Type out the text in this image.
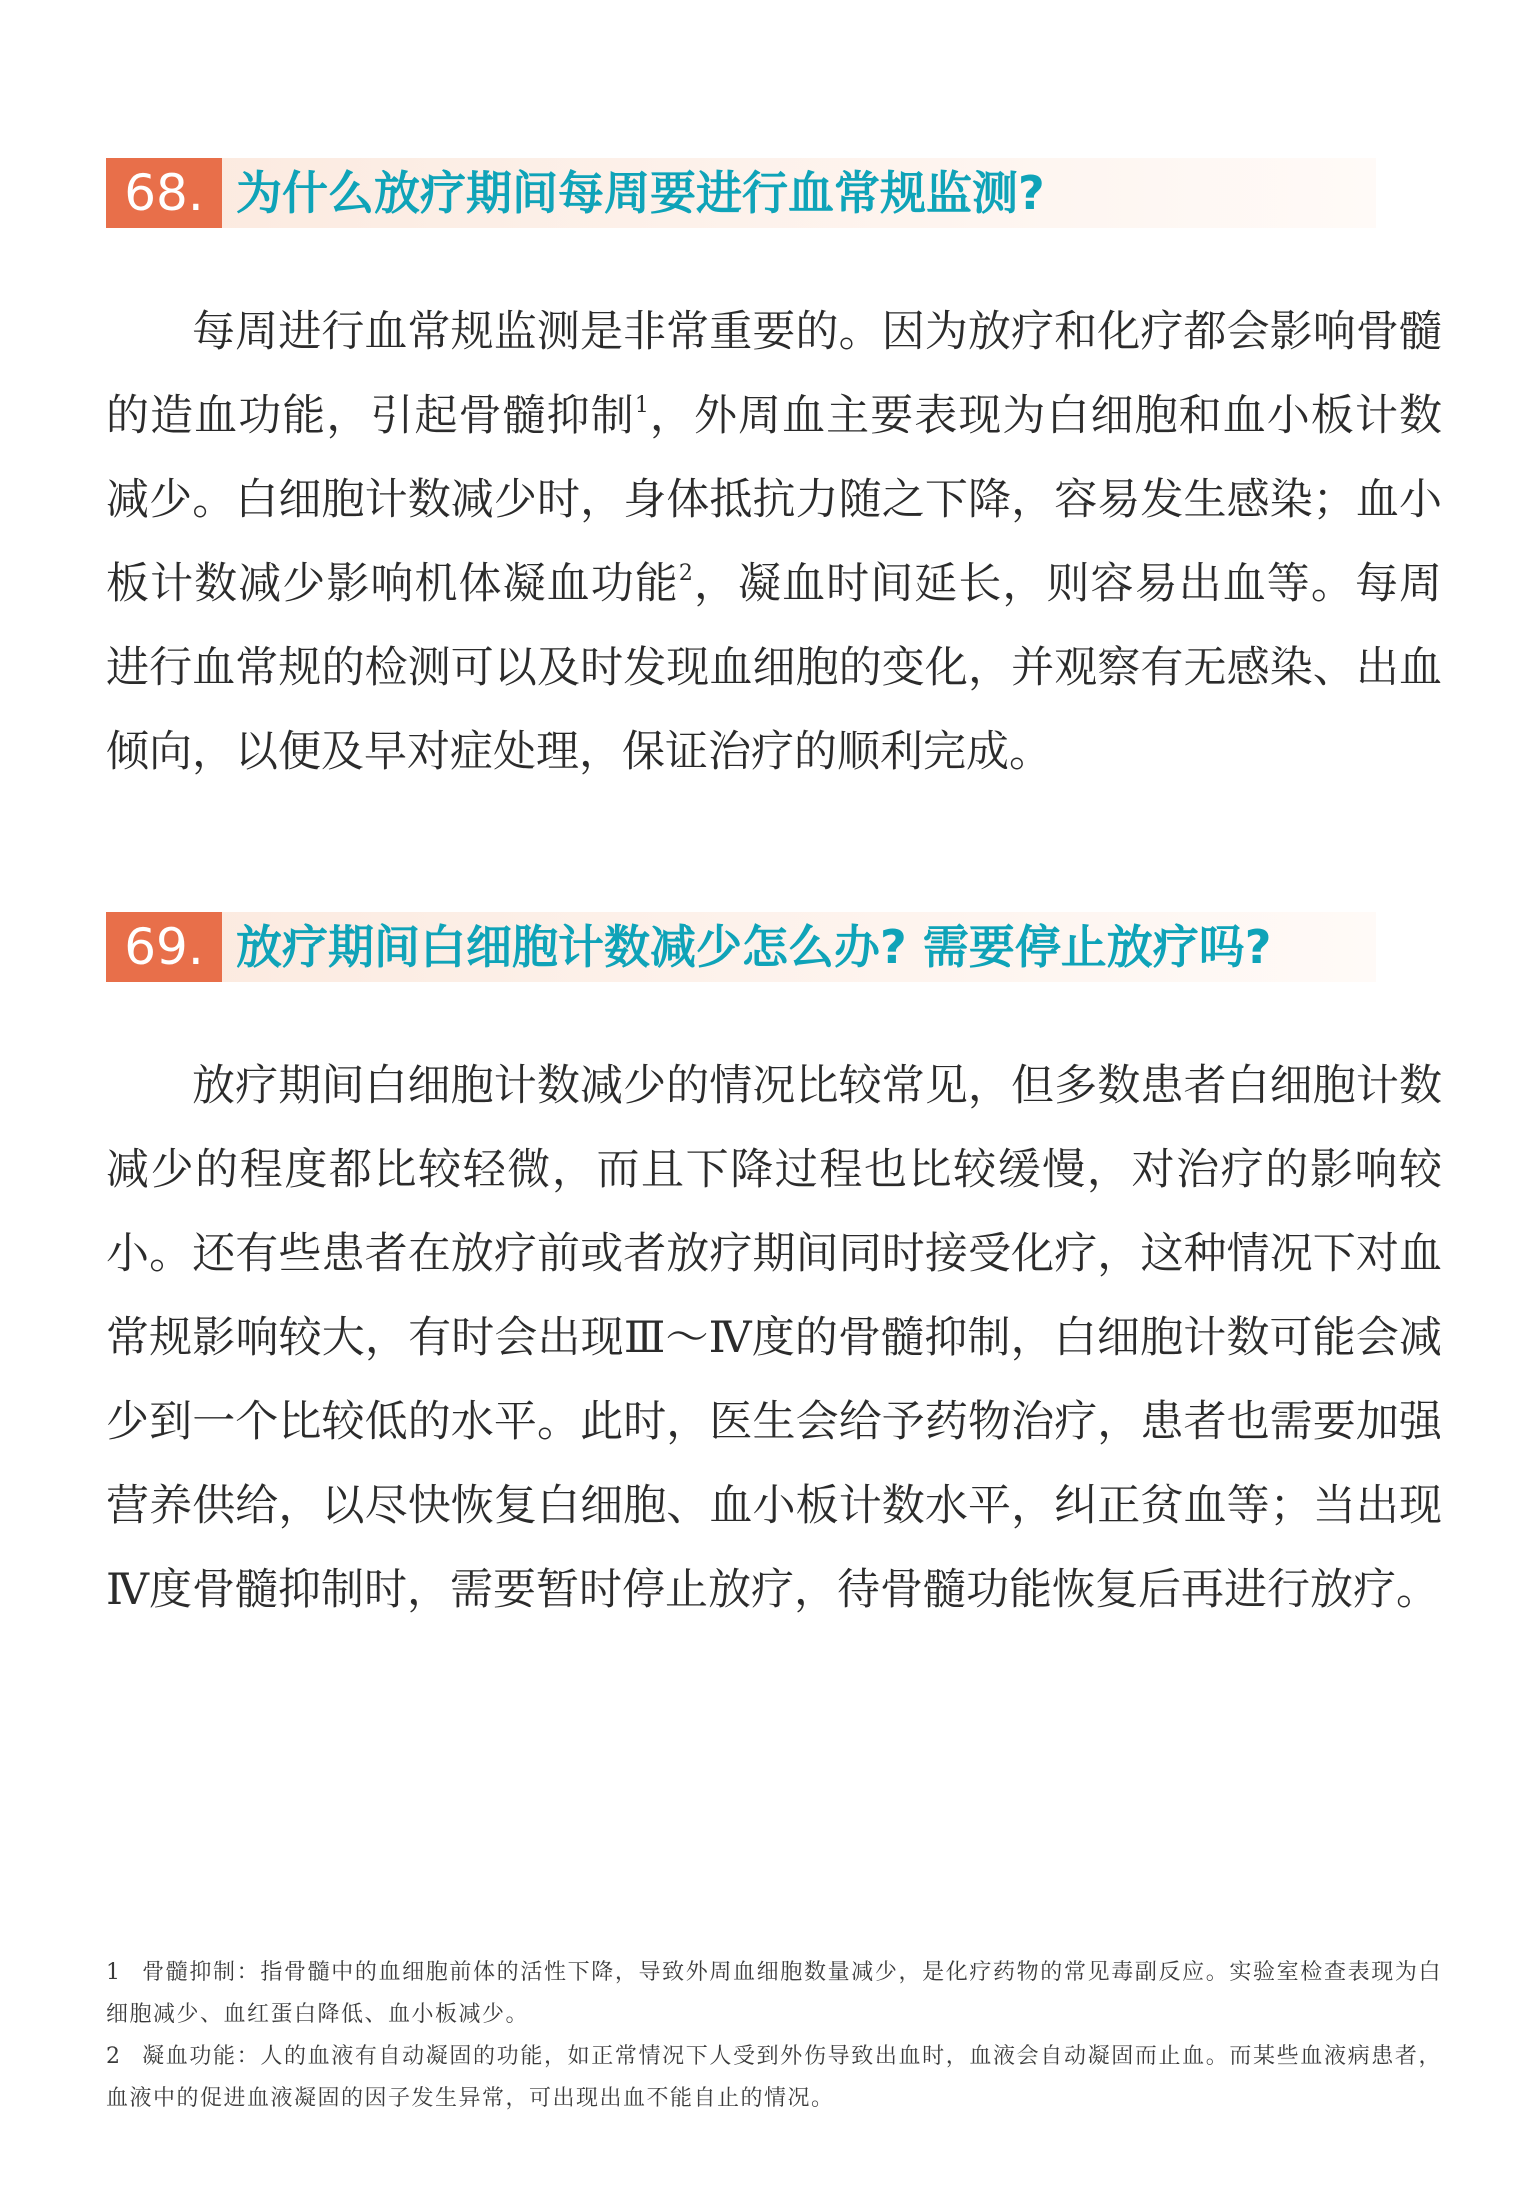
68. 为什么放疗期间每周要进行血常规监测?

每周进行血常规监测是非常重要的。因为放疗和化疗都会影响骨髓的造血功能，引起骨髓抑制$^1$，外周血主要表现为白细胞和血小板计数减少。白细胞计数减少时，身体抵抗力随之下降，容易发生感染；血小板计数减少影响机体凝血功能$^2$，凝血时间延长，则容易出血等。每周进行血常规的检测可以及时发现血细胞的变化，并观察有无感染、出血倾向，以便及早对症处理，保证治疗的顺利完成。

69. 放疗期间白细胞计数减少怎么办? 需要停止放疗吗?

放疗期间白细胞计数减少的情况比较常见，但多数患者白细胞计数减少的程度都比较轻微，而且下降过程也比较缓慢，对治疗的影响较小。还有些患者在放疗前或者放疗期间同时接受化疗，这种情况下对血常规影响较大，有时会出现Ⅲ～Ⅳ度的骨髓抑制，白细胞计数可能会减少到一个比较低的水平。此时，医生会给予药物治疗，患者也需要加强营养供给，以尽快恢复白细胞、血小板计数水平，纠正贫血等；当出现Ⅳ度骨髓抑制时，需要暂时停止放疗，待骨髓功能恢复后再进行放疗。

1 骨髓抑制：指骨髓中的血细胞前体的活性下降，导致外周血细胞数量减少，是化疗药物的常见毒副反应。实验室检查表现为白细胞减少、血红蛋白降低、血小板减少。

2 凝血功能：人的血液有自动凝固的功能，如正常情况下人受到外伤导致出血时，血液会自动凝固而止血。而某些血液病患者，血液中的促进血液凝固的因子发生异常，可出现出血不能自止的情况。
